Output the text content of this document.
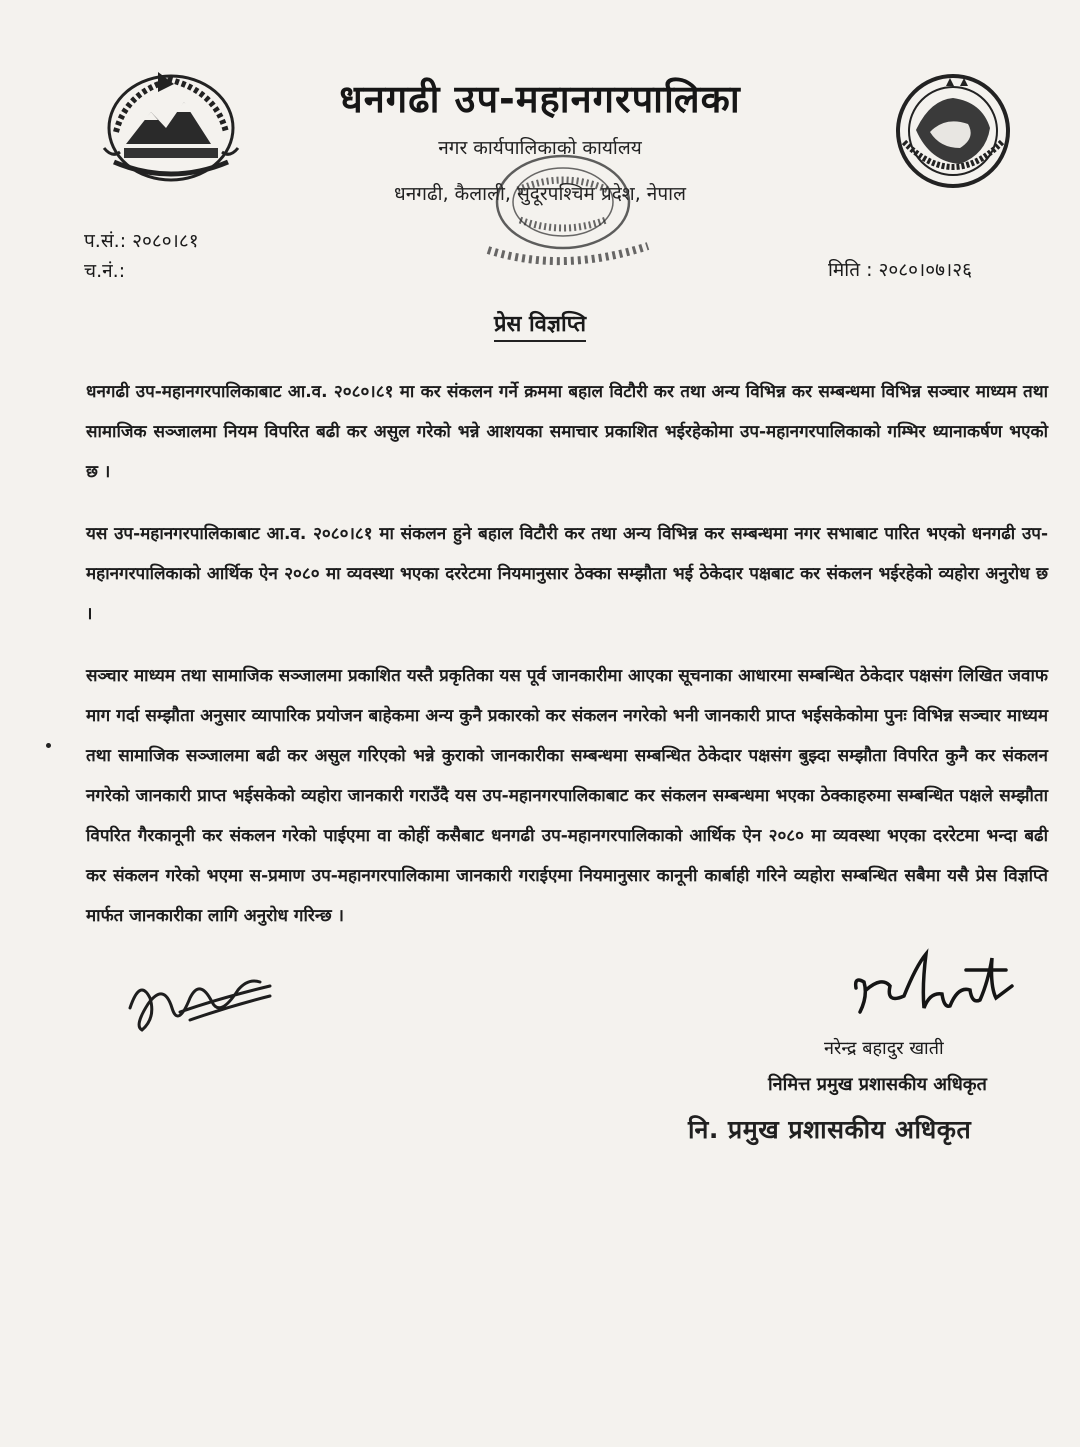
धनगढी उप-महानगरपालिका
नगर कार्यपालिकाको कार्यालय
धनगढी, कैलाली, सुदूरपश्चिम प्रदेश, नेपाल
प.सं.: २०८०।८१
च.नं.:	मिति : २०८०।०७।२६
प्रेस विज्ञप्ति
धनगढी उप-महानगरपालिकाबाट आ.व. २०८०।८१ मा कर संकलन गर्ने क्रममा बहाल विटौरी कर तथा अन्य विभिन्न कर सम्बन्धमा विभिन्न सञ्चार माध्यम तथा सामाजिक सञ्जालमा नियम विपरित बढी कर असुल गरेको भन्ने आशयका समाचार प्रकाशित भईरहेकोमा उप-महानगरपालिकाको गम्भिर ध्यानाकर्षण भएको छ ।
यस उप-महानगरपालिकाबाट आ.व. २०८०।८१ मा संकलन हुने बहाल विटौरी कर तथा अन्य विभिन्न कर सम्बन्धमा नगर सभाबाट पारित भएको धनगढी उप-महानगरपालिकाको आर्थिक ऐन २०८० मा व्यवस्था भएका दररेटमा नियमानुसार ठेक्का सम्झौता भई ठेकेदार पक्षबाट कर संकलन भईरहेको व्यहोरा अनुरोध छ ।
सञ्चार माध्यम तथा सामाजिक सञ्जालमा प्रकाशित यस्तै प्रकृतिका यस पूर्व जानकारीमा आएका सूचनाका आधारमा सम्बन्धित ठेकेदार पक्षसंग लिखित जवाफ माग गर्दा सम्झौता अनुसार व्यापारिक प्रयोजन बाहेकमा अन्य कुनै प्रकारको कर संकलन नगरेको भनी जानकारी प्राप्त भईसकेकोमा पुनः विभिन्न सञ्चार माध्यम तथा सामाजिक सञ्जालमा बढी कर असुल गरिएको भन्ने कुराको जानकारीका सम्बन्धमा सम्बन्धित ठेकेदार पक्षसंग बुझ्दा सम्झौता विपरित कुनै कर संकलन नगरेको जानकारी प्राप्त भईसकेको व्यहोरा जानकारी गराउँदै यस उप-महानगरपालिकाबाट कर संकलन सम्बन्धमा भएका ठेक्काहरुमा सम्बन्धित पक्षले सम्झौता विपरित गैरकानूनी कर संकलन गरेको पाईएमा वा कोहीं कसैबाट धनगढी उप-महानगरपालिकाको आर्थिक ऐन २०८० मा व्यवस्था भएका दररेटमा भन्दा बढी कर संकलन गरेको भएमा स-प्रमाण उप-महानगरपालिकामा जानकारी गराईएमा नियमानुसार कानूनी कार्बाही गरिने व्यहोरा सम्बन्धित सबैमा यसै प्रेस विज्ञप्ति मार्फत जानकारीका लागि अनुरोध गरिन्छ ।
नरेन्द्र बहादुर खाती
निमित्त प्रमुख प्रशासकीय अधिकृत
नि. प्रमुख प्रशासकीय अधिकृत
